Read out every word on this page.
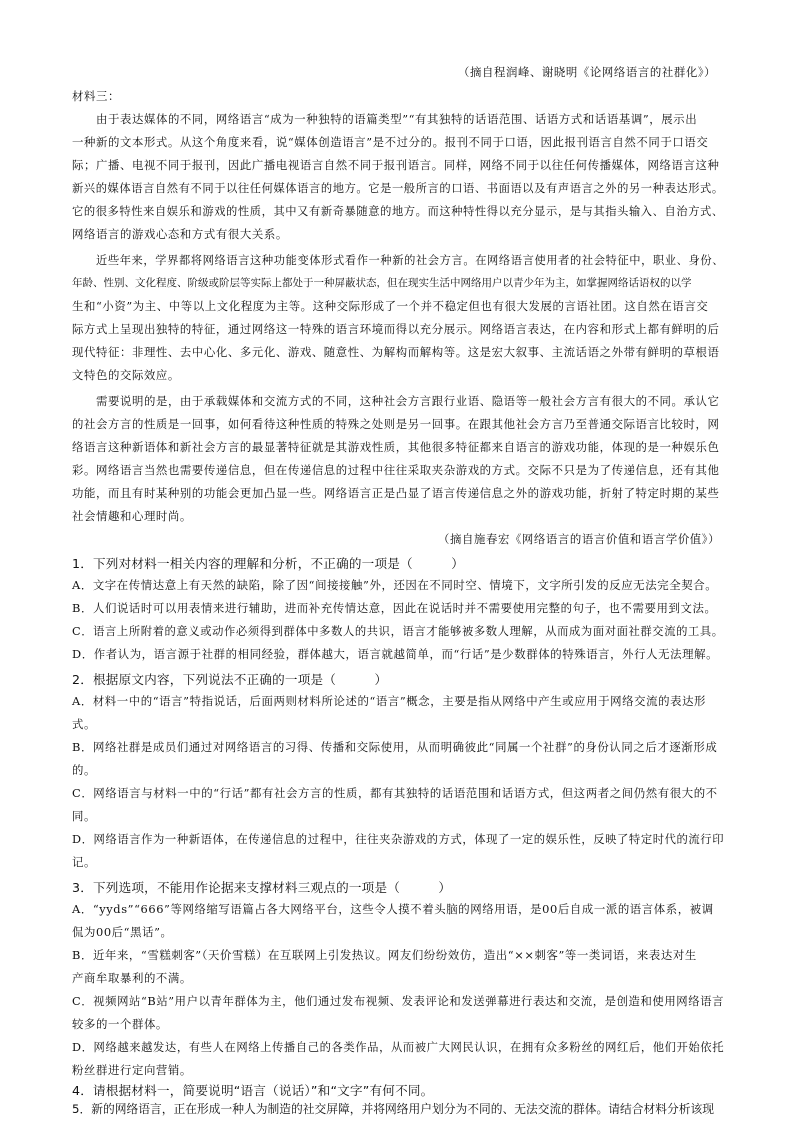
（摘自程润峰、谢晓明《论网络语言的社群化》）
材料三：
由于表达媒体的不同，网络语言“成为一种独特的语篇类型”“有其独特的话语范围、话语方式和话语基调”，展示出
一种新的文本形式。从这个角度来看，说“媒体创造语言”是不过分的。报刊不同于口语，因此报刊语言自然不同于口语交
际；广播、电视不同于报刊，因此广播电视语言自然不同于报刊语言。同样，网络不同于以往任何传播媒体，网络语言这种
新兴的媒体语言自然有不同于以往任何媒体语言的地方。它是一般所言的口语、书面语以及有声语言之外的另一种表达形式。
它的很多特性来自娱乐和游戏的性质，其中又有新奇暴随意的地方。而这种特性得以充分显示，是与其指头输入、自治方式、
网络语言的游戏心态和方式有很大关系。
近些年来，学界都将网络语言这种功能变体形式看作一种新的社会方言。在网络语言使用者的社会特征中，职业、身份、
年龄、性别、文化程度、阶级或阶层等实际上都处于一种屏蔽状态，但在现实生活中网络用户以青少年为主，如掌握网络话语权的以学
生和“小资”为主、中等以上文化程度为主等。这种交际形成了一个并不稳定但也有很大发展的言语社团。这自然在语言交
际方式上呈现出独特的特征，通过网络这一特殊的语言环境而得以充分展示。网络语言表达，在内容和形式上都有鲜明的后
现代特征：非理性、去中心化、多元化、游戏、随意性、为解构而解构等。这是宏大叙事、主流话语之外带有鲜明的草根语
文特色的交际效应。
需要说明的是，由于承载媒体和交流方式的不同，这种社会方言跟行业语、隐语等一般社会方言有很大的不同。承认它
的社会方言的性质是一回事，如何看待这种性质的特殊之处则是另一回事。在跟其他社会方言乃至普通交际语言比较时，网
络语言这种新语体和新社会方言的最显著特征就是其游戏性质，其他很多特征都来自语言的游戏功能，体现的是一种娱乐色
彩。网络语言当然也需要传递信息，但在传递信息的过程中往往采取夹杂游戏的方式。交际不只是为了传递信息，还有其他
功能，而且有时某种别的功能会更加凸显一些。网络语言正是凸显了语言传递信息之外的游戏功能，折射了特定时期的某些
社会情趣和心理时尚。
（摘自施春宏《网络语言的语言价值和语言学价值》）
1．下列对材料一相关内容的理解和分析，不正确的一项是（　　　）
A．文字在传情达意上有天然的缺陷，除了因“间接接触”外，还因在不同时空、情境下，文字所引发的反应无法完全契合。
B．人们说话时可以用表情来进行辅助，进而补充传情达意，因此在说话时并不需要使用完整的句子，也不需要用到文法。
C．语言上所附着的意义或动作必须得到群体中多数人的共识，语言才能够被多数人理解，从而成为面对面社群交流的工具。
D．作者认为，语言源于社群的相同经验，群体越大，语言就越简单，而“行话”是少数群体的特殊语言，外行人无法理解。
2．根据原文内容，下列说法不正确的一项是（　　　）
A．材料一中的“语言”特指说话，后面两则材料所论述的“语言”概念，主要是指从网络中产生或应用于网络交流的表达形
式。
B．网络社群是成员们通过对网络语言的习得、传播和交际使用，从而明确彼此“同属一个社群”的身份认同之后才逐渐形成
的。
C．网络语言与材料一中的“行话”都有社会方言的性质，都有其独特的话语范围和话语方式，但这两者之间仍然有很大的不
同。
D．网络语言作为一种新语体，在传递信息的过程中，往往夹杂游戏的方式，体现了一定的娱乐性，反映了特定时代的流行印
记。
3．下列选项，不能用作论据来支撑材料三观点的一项是（　　　）
A．“yyds”“666”等网络缩写语篇占各大网络平台，这些令人摸不着头脑的网络用语，是00后自成一派的语言体系，被调
侃为00后“黑话”。
B．近年来，“雪糕刺客”（天价雪糕）在互联网上引发热议。网友们纷纷效仿，造出“××刺客”等一类词语，来表达对生
产商牟取暴利的不满。
C．视频网站“B站”用户以青年群体为主，他们通过发布视频、发表评论和发送弹幕进行表达和交流，是创造和使用网络语言
较多的一个群体。
D．网络越来越发达，有些人在网络上传播自己的各类作品，从而被广大网民认识，在拥有众多粉丝的网红后，他们开始依托
粉丝群进行定向营销。
4．请根据材料一，简要说明“语言（说话）”和“文字”有何不同。
5．新的网络语言，正在形成一种人为制造的社交屏障，并将网络用户划分为不同的、无法交流的群体。请结合材料分析该现
